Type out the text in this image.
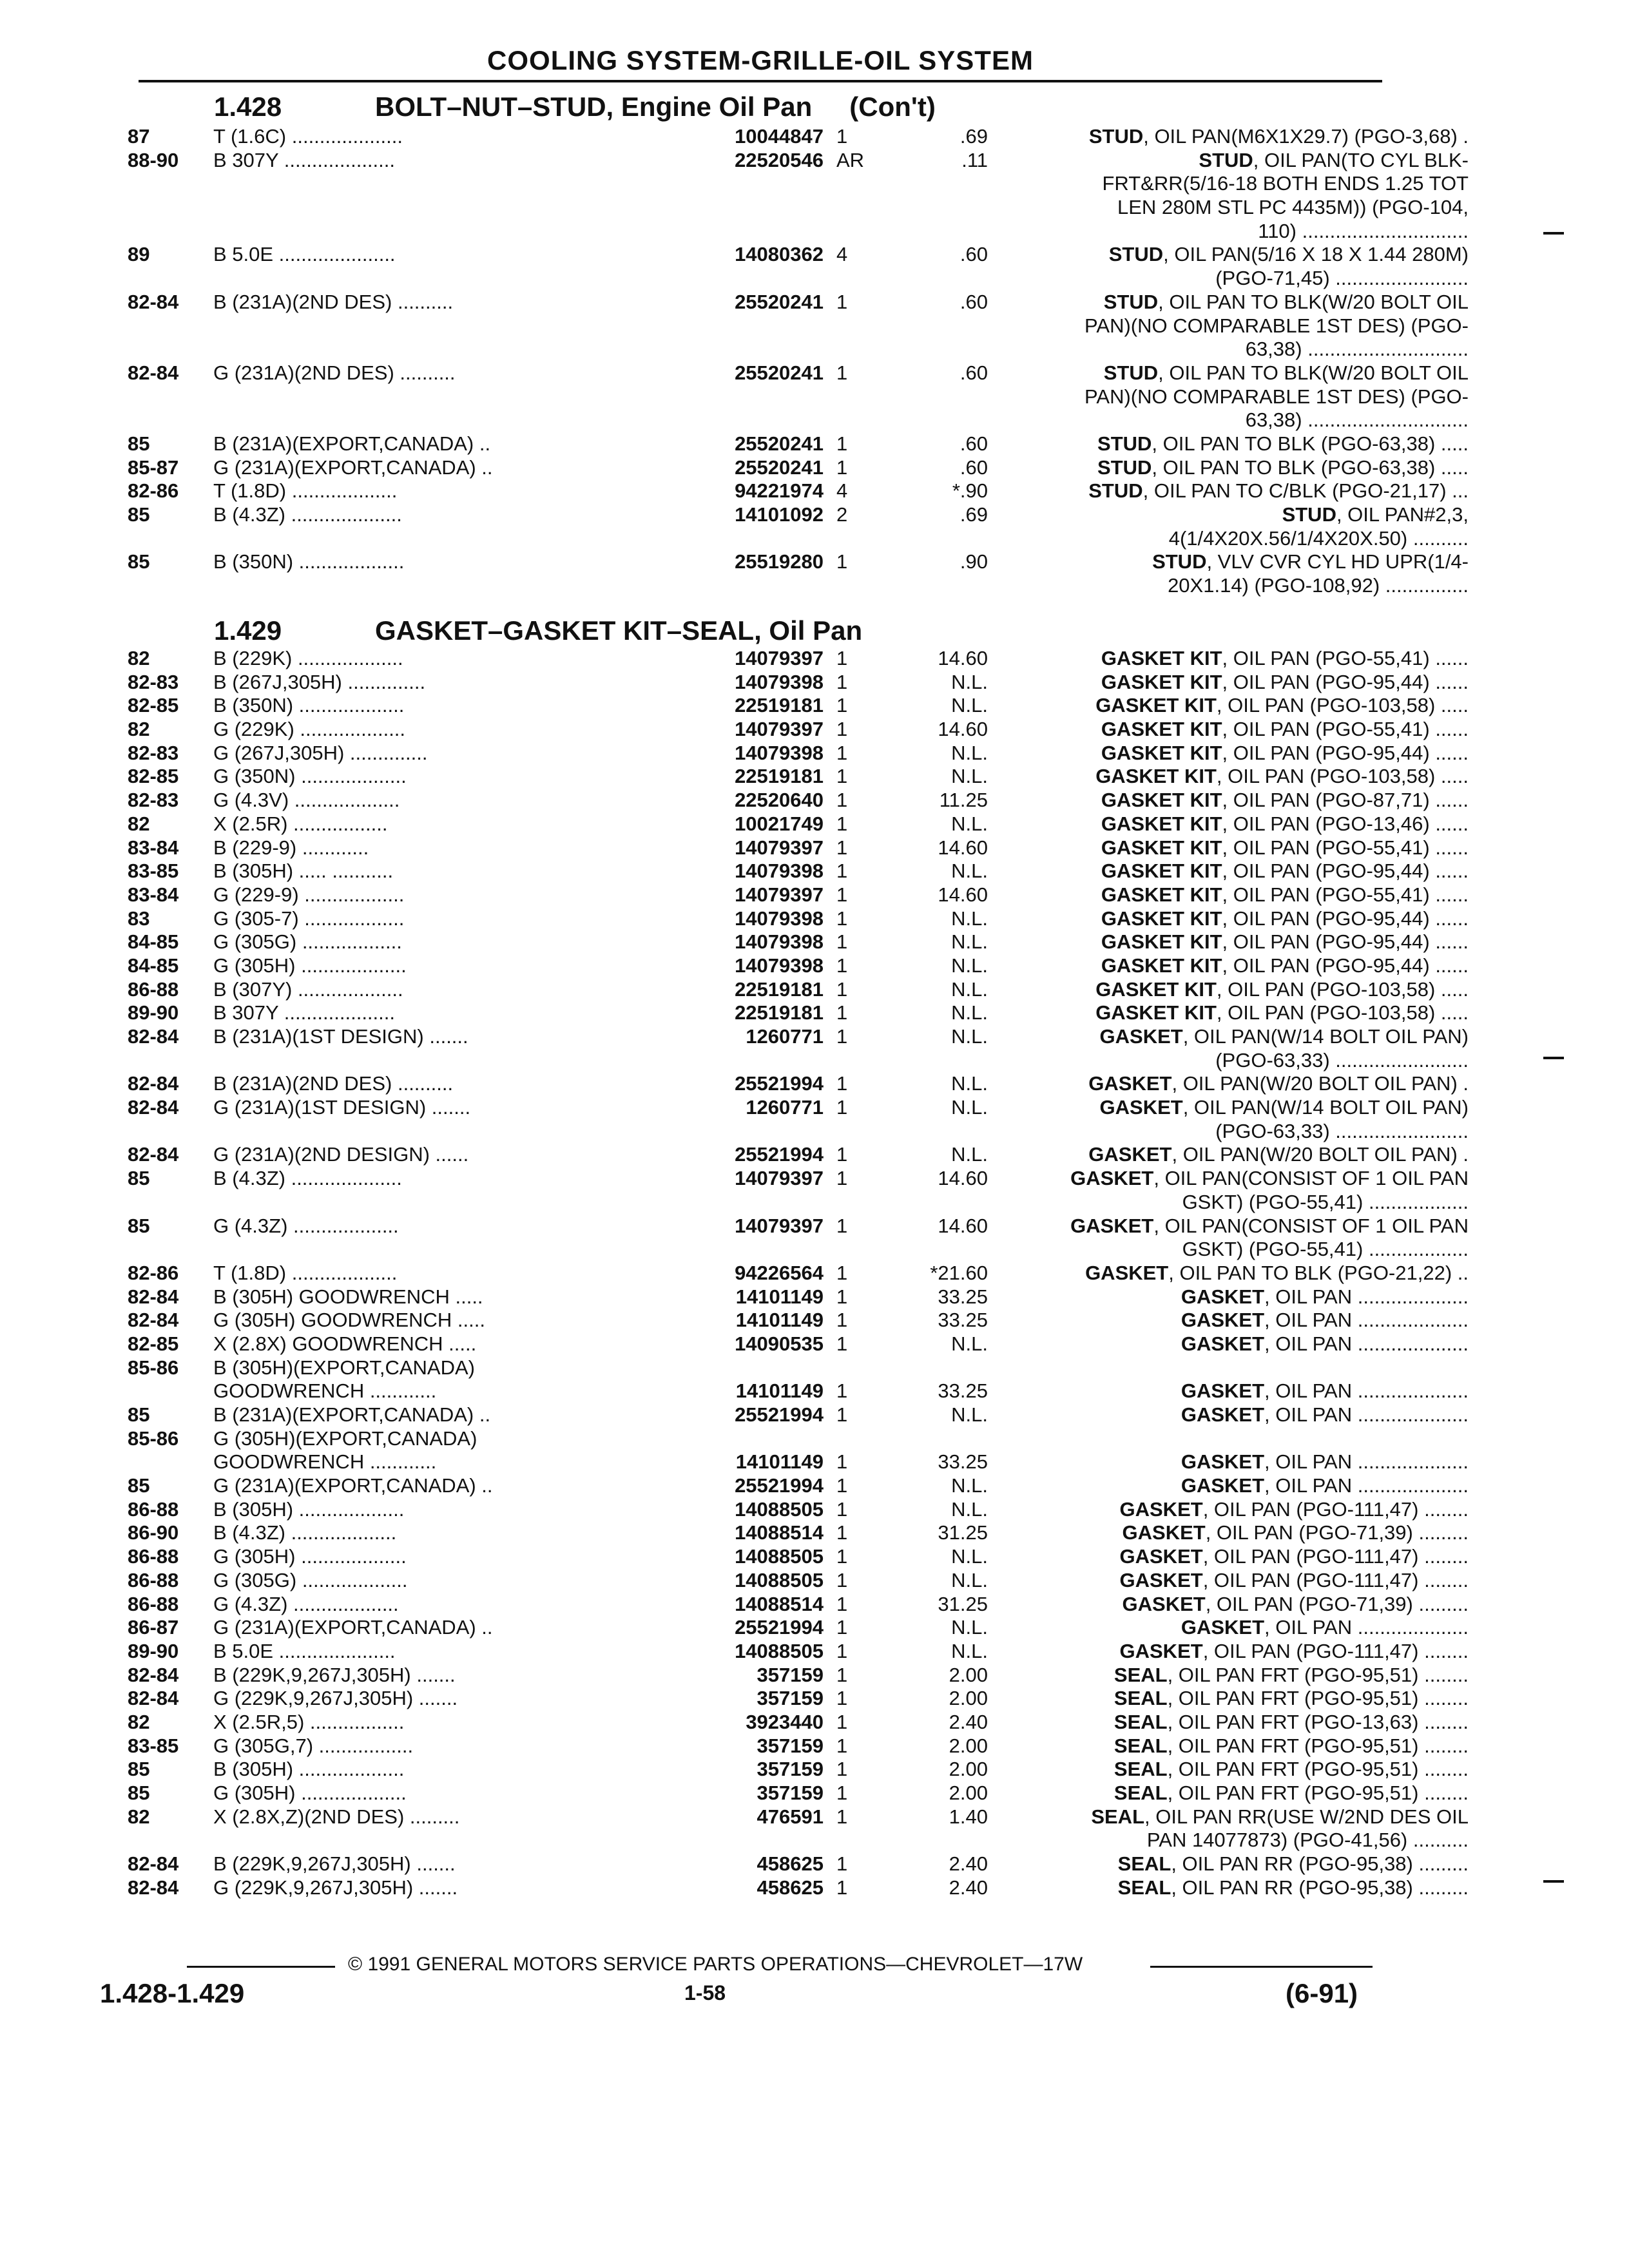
COOLING SYSTEM-GRILLE-OIL SYSTEM
1.428	BOLT–NUT–STUD, Engine Oil Pan (Con't)
87	T (1.6C) ....................	10044847 1	.69	STUD, OIL PAN(M6X1X29.7) (PGO-3,68) .
88-90 B 307Y ....................	22520546 AR	.11	STUD, OIL PAN(TO CYL BLK-
FRT&RR(5/16-18 BOTH ENDS 1.25 TOT
LEN 280M STL PC 4435M)) (PGO-104,
110) ..............................
89	B 5.0E .....................	14080362 4	.60	STUD, OIL PAN(5/16 X 18 X 1.44 280M)
(PGO-71,45) ........................
82-84 B (231A)(2ND DES) ..........	25520241 1	.60	STUD, OIL PAN TO BLK(W/20 BOLT OIL
PAN)(NO COMPARABLE 1ST DES) (PGO-
63,38) .............................
82-84 G (231A)(2ND DES) ..........	25520241 1	.60	STUD, OIL PAN TO BLK(W/20 BOLT OIL
PAN)(NO COMPARABLE 1ST DES) (PGO-
63,38) .............................
85	B (231A)(EXPORT,CANADA) ..	25520241 1	.60	STUD, OIL PAN TO BLK (PGO-63,38) .....
85-87 G (231A)(EXPORT,CANADA) ..	25520241 1	.60	STUD, OIL PAN TO BLK (PGO-63,38) .....
82-86 T (1.8D) ...................	94221974 4	*.90	STUD, OIL PAN TO C/BLK (PGO-21,17) ...
85	B (4.3Z) ....................	14101092 2	.69	STUD, OIL PAN#2,3,
4(1/4X20X.56/1/4X20X.50) ..........
85	B (350N) ...................	25519280 1	.90	STUD, VLV CVR CYL HD UPR(1/4-
20X1.14) (PGO-108,92) ...............
1.429	GASKET–GASKET KIT–SEAL, Oil Pan
82	B (229K) ...................	14079397 1	14.60	GASKET KIT, OIL PAN (PGO-55,41) ......
82-83 B (267J,305H) ..............	14079398 1	N.L.	GASKET KIT, OIL PAN (PGO-95,44) ......
82-85 B (350N) ...................	22519181 1	N.L.	GASKET KIT, OIL PAN (PGO-103,58) .....
82	G (229K) ...................	14079397 1	14.60	GASKET KIT, OIL PAN (PGO-55,41) ......
82-83 G (267J,305H) ..............	14079398 1	N.L.	GASKET KIT, OIL PAN (PGO-95,44) ......
82-85 G (350N) ...................	22519181 1	N.L.	GASKET KIT, OIL PAN (PGO-103,58) .....
82-83 G (4.3V) ...................	22520640 1	11.25	GASKET KIT, OIL PAN (PGO-87,71) ......
82	X (2.5R) .................	10021749 1	N.L.	GASKET KIT, OIL PAN (PGO-13,46) ......
83-84 B (229-9) ............	14079397 1	14.60	GASKET KIT, OIL PAN (PGO-55,41) ......
83-85 B (305H) ..... ...........	14079398 1	N.L.	GASKET KIT, OIL PAN (PGO-95,44) ......
83-84 G (229-9) ..................	14079397 1	14.60	GASKET KIT, OIL PAN (PGO-55,41) ......
83	G (305-7) ..................	14079398 1	N.L.	GASKET KIT, OIL PAN (PGO-95,44) ......
84-85 G (305G) ..................	14079398 1	N.L.	GASKET KIT, OIL PAN (PGO-95,44) ......
84-85 G (305H) ...................	14079398 1	N.L.	GASKET KIT, OIL PAN (PGO-95,44) ......
86-88 B (307Y) ...................	22519181 1	N.L.	GASKET KIT, OIL PAN (PGO-103,58) .....
89-90 B 307Y ....................	22519181 1	N.L.	GASKET KIT, OIL PAN (PGO-103,58) .....
82-84 B (231A)(1ST DESIGN) .......	1260771 1	N.L.	GASKET, OIL PAN(W/14 BOLT OIL PAN)
(PGO-63,33) ........................
82-84 B (231A)(2ND DES) ..........	25521994 1	N.L.	GASKET, OIL PAN(W/20 BOLT OIL PAN) .
82-84 G (231A)(1ST DESIGN) .......	1260771 1	N.L.	GASKET, OIL PAN(W/14 BOLT OIL PAN)
(PGO-63,33) ........................
82-84 G (231A)(2ND DESIGN) ......	25521994 1	N.L.	GASKET, OIL PAN(W/20 BOLT OIL PAN) .
85	B (4.3Z) ....................	14079397 1	14.60	GASKET, OIL PAN(CONSIST OF 1 OIL PAN
GSKT) (PGO-55,41) ..................
85	G (4.3Z) ...................	14079397 1	14.60	GASKET, OIL PAN(CONSIST OF 1 OIL PAN
GSKT) (PGO-55,41) ..................
82-86 T (1.8D) ...................	94226564 1	*21.60	GASKET, OIL PAN TO BLK (PGO-21,22) ..
82-84 B (305H) GOODWRENCH .....	14101149 1	33.25	GASKET, OIL PAN ....................
82-84 G (305H) GOODWRENCH .....	14101149 1	33.25	GASKET, OIL PAN ....................
82-85 X (2.8X) GOODWRENCH .....	14090535 1	N.L.	GASKET, OIL PAN ....................
85-86 B (305H)(EXPORT,CANADA)
GOODWRENCH ............	14101149 1	33.25	GASKET, OIL PAN ....................
85	B (231A)(EXPORT,CANADA) ..	25521994 1	N.L.	GASKET, OIL PAN ....................
85-86 G (305H)(EXPORT,CANADA)
GOODWRENCH ............	14101149 1	33.25	GASKET, OIL PAN ....................
85	G (231A)(EXPORT,CANADA) ..	25521994 1	N.L.	GASKET, OIL PAN ....................
86-88 B (305H) ...................	14088505 1	N.L.	GASKET, OIL PAN (PGO-111,47) ........
86-90 B (4.3Z) ...................	14088514 1	31.25	GASKET, OIL PAN (PGO-71,39) .........
86-88 G (305H) ...................	14088505 1	N.L.	GASKET, OIL PAN (PGO-111,47) ........
86-88 G (305G) ...................	14088505 1	N.L.	GASKET, OIL PAN (PGO-111,47) ........
86-88 G (4.3Z) ...................	14088514 1	31.25	GASKET, OIL PAN (PGO-71,39) .........
86-87 G (231A)(EXPORT,CANADA) ..	25521994 1	N.L.	GASKET, OIL PAN ....................
89-90 B 5.0E .....................	14088505 1	N.L.	GASKET, OIL PAN (PGO-111,47) ........
82-84 B (229K,9,267J,305H) .......	357159 1	2.00	SEAL, OIL PAN FRT (PGO-95,51) ........
82-84 G (229K,9,267J,305H) .......	357159 1	2.00	SEAL, OIL PAN FRT (PGO-95,51) ........
82	X (2.5R,5) .................	3923440 1	2.40	SEAL, OIL PAN FRT (PGO-13,63) ........
83-85 G (305G,7) .................	357159 1	2.00	SEAL, OIL PAN FRT (PGO-95,51) ........
85	B (305H) ...................	357159 1	2.00	SEAL, OIL PAN FRT (PGO-95,51) ........
85	G (305H) ...................	357159 1	2.00	SEAL, OIL PAN FRT (PGO-95,51) ........
82	X (2.8X,Z)(2ND DES) .........	476591 1	1.40	SEAL, OIL PAN RR(USE W/2ND DES OIL
PAN 14077873) (PGO-41,56) ..........
82-84 B (229K,9,267J,305H) .......	458625 1	2.40	SEAL, OIL PAN RR (PGO-95,38) .........
82-84 G (229K,9,267J,305H) .......	458625 1	2.40	SEAL, OIL PAN RR (PGO-95,38) .........
© 1991 GENERAL MOTORS SERVICE PARTS OPERATIONS—CHEVROLET—17W
1.428-1.429	1-58	(6-91)
